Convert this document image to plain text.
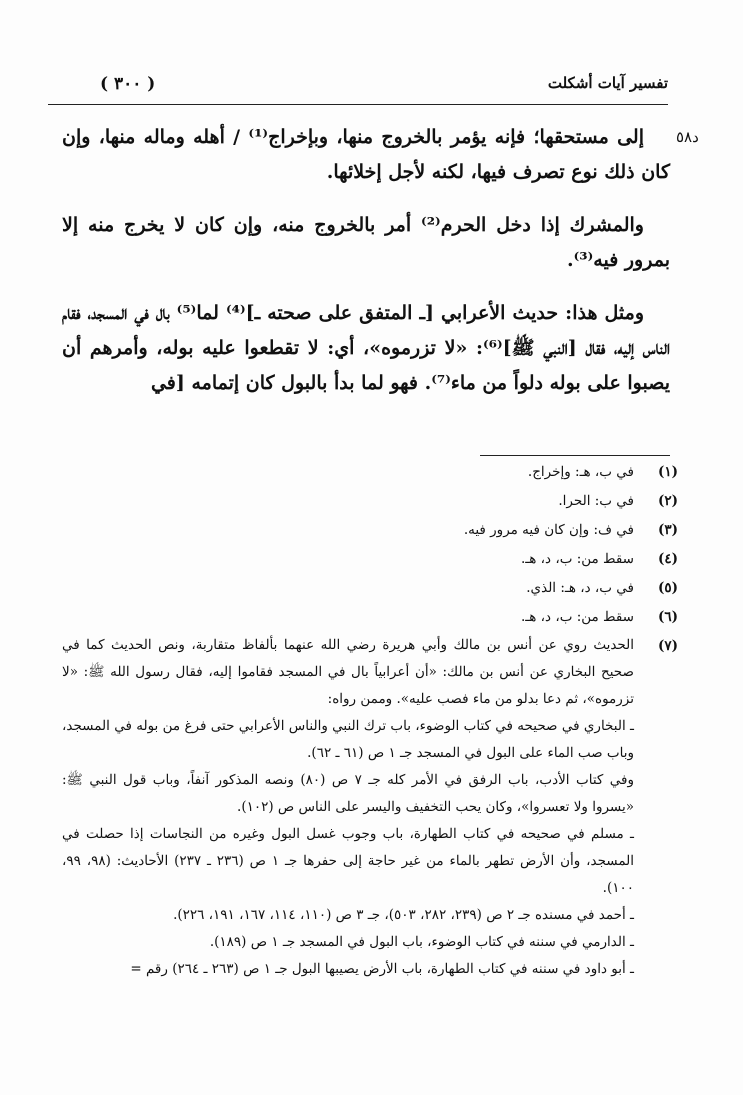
( ٣٠٠ )	تفسير آيات أشكلت
د٥٨

إلى مستحقها؛ فإنه يؤمر بالخروج منها، وبإخراج⁽¹⁾ / أهله وماله منها، وإن كان ذلك نوع تصرف فيها، لكنه لأجل إخلائها.

والمشرك إذا دخل الحرم⁽²⁾ أمر بالخروج منه، وإن كان لا يخرج منه إلا بمرور فيه⁽³⁾.

ومثل هذا: حديث الأعرابي [ـ المتفق على صحته ـ]⁽⁴⁾ لما⁽⁵⁾ بال في المسجد، فقام الناس إليه، فقال [النبي ﷺ]⁽⁶⁾: «لا تزرموه»، أي: لا تقطعوا عليه بوله، وأمرهم أن يصبوا على بوله دلواً من ماء⁽⁷⁾. فهو لما بدأ بالبول كان إتمامه [في

(١)
في ب، هـ: وإخراج.
(٢)
في ب: الحرا.
(٣)
في ف: وإن كان فيه مرور فيه.
(٤)
سقط من: ب، د، هـ.
(٥)
في ب، د، هـ: الذي.
(٦)
سقط من: ب، د، هـ.
(٧)
الحديث روي عن أنس بن مالك وأبي هريرة رضي الله عنهما بألفاظ متقاربة، ونص الحديث كما في صحيح البخاري عن أنس بن مالك: «أن أعرابياً بال في المسجد فقاموا إليه، فقال رسول الله ﷺ: «لا تزرموه»، ثم دعا بدلو من ماء فصب عليه». وممن رواه:
ـ البخاري في صحيحه في كتاب الوضوء، باب ترك النبي والناس الأعرابي حتى فرغ من بوله في المسجد، وباب صب الماء على البول في المسجد جـ ١ ص (٦١ ـ ٦٢).
وفي كتاب الأدب، باب الرفق في الأمر كله جـ ٧ ص (٨٠) ونصه المذكور آنفاً، وباب قول النبي ﷺ: «يسروا ولا تعسروا»، وكان يحب التخفيف واليسر على الناس ص (١٠٢).
ـ مسلم في صحيحه في كتاب الطهارة، باب وجوب غسل البول وغيره من النجاسات إذا حصلت في المسجد، وأن الأرض تطهر بالماء من غير حاجة إلى حفرها جـ ١ ص (٢٣٦ ـ ٢٣٧) الأحاديث: (٩٨، ٩٩، ١٠٠).
ـ أحمد في مسنده جـ ٢ ص (٢٣٩، ٢٨٢، ٥٠٣)، جـ ٣ ص (١١٠، ١١٤، ١٦٧، ١٩١، ٢٢٦).
ـ الدارمي في سننه في كتاب الوضوء، باب البول في المسجد جـ ١ ص (١٨٩).
ـ أبو داود في سننه في كتاب الطهارة، باب الأرض يصيبها البول جـ ١ ص (٢٦٣ ـ ٢٦٤) رقم =
